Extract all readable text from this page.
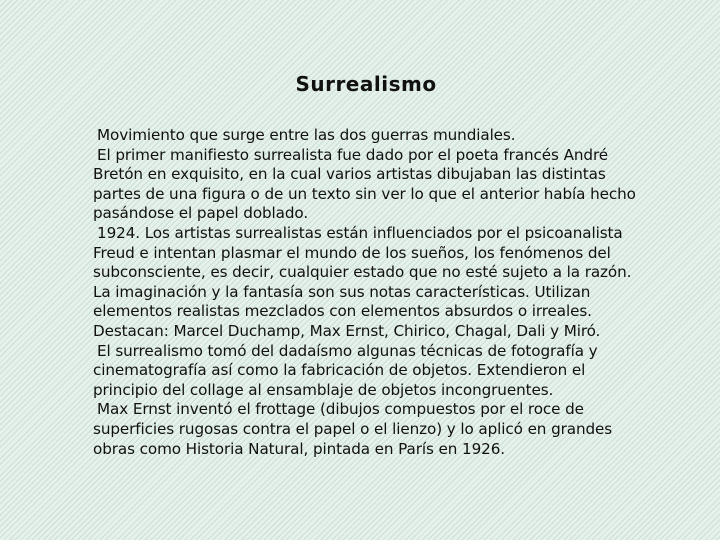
Surrealismo

Movimiento que surge entre las dos guerras mundiales.

El primer manifiesto surrealista fue dado por el poeta francés André Bretón en exquisito, en la cual varios artistas dibujaban las distintas partes de una figura o de un texto sin ver lo que el anterior había hecho pasándose el papel doblado.

1924. Los artistas surrealistas están influenciados por el psicoanalista Freud e intentan plasmar el mundo de los sueños, los fenómenos del subconsciente, es decir, cualquier estado que no esté sujeto a la razón. La imaginación y la fantasía son sus notas características. Utilizan elementos realistas mezclados con elementos absurdos o irreales. Destacan: Marcel Duchamp, Max Ernst, Chirico, Chagal, Dali y Miró.

El surrealismo tomó del dadaísmo algunas técnicas de fotografía y cinematografía así como la fabricación de objetos. Extendieron el principio del collage al ensamblaje de objetos incongruentes.

Max Ernst inventó el frottage (dibujos compuestos por el roce de superficies rugosas contra el papel o el lienzo) y lo aplicó en grandes obras como Historia Natural, pintada en París en 1926.
